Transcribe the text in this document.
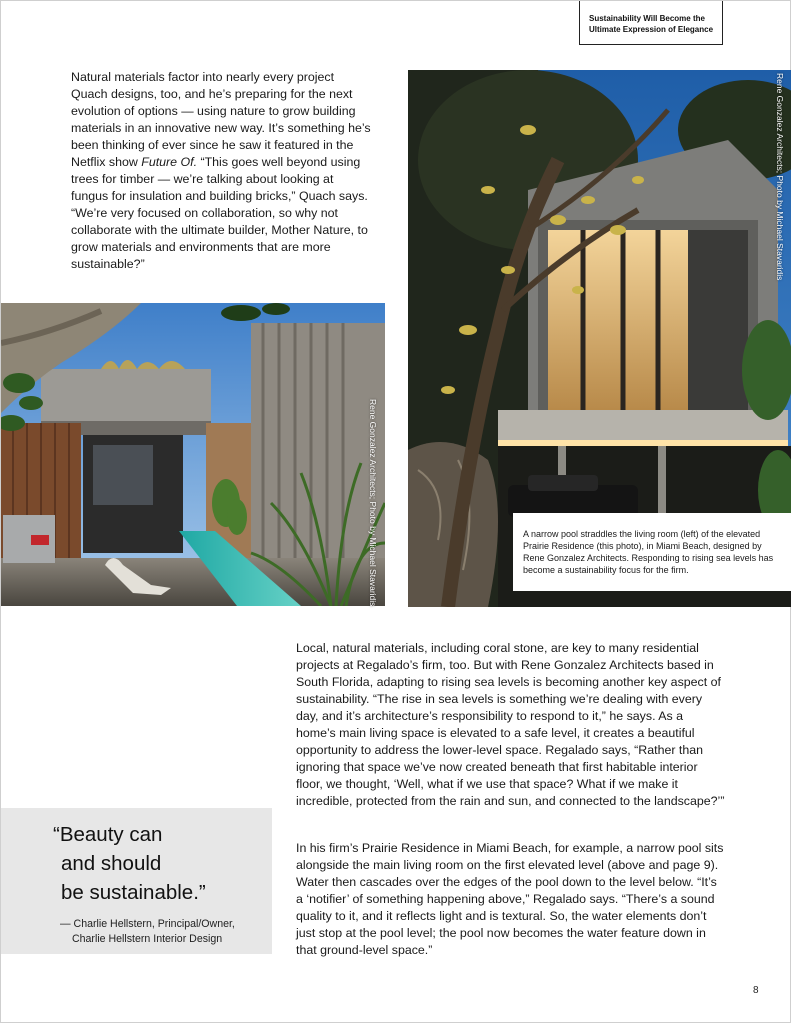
Sustainability Will Become the
Ultimate Expression of Elegance

Natural materials factor into nearly every project Quach designs, too, and he’s preparing for the next evolution of options — using nature to grow building materials in an innovative new way. It’s something he’s been thinking of ever since he saw it featured in the Netflix show Future Of. “This goes well beyond using trees for timber — we’re talking about looking at fungus for insulation and building bricks,” Quach says. “We’re very focused on collaboration, so why not collaborate with the ultimate builder, Mother Nature, to grow materials and environments that are more sustainable?”

Rene Gonzalez Architects; Photo by Michael Stavaridis
Rene Gonzalez Architects; Photo by Michael Stavaridis
A narrow pool straddles the living room (left) of the elevated Prairie Residence (this photo), in Miami Beach, designed by Rene Gonzalez Architects. Responding to rising sea levels has become a sustainability focus for the firm.

Local, natural materials, including coral stone, are key to many residential projects at Regalado’s firm, too. But with Rene Gonzalez Architects based in South Florida, adapting to rising sea levels is becoming another key aspect of sustainability. “The rise in sea levels is something we’re dealing with every day, and it’s architecture’s responsibility to respond to it,” he says. As a home’s main living space is elevated to a safe level, it creates a beautiful opportunity to address the lower-level space. Regalado says, “Rather than ignoring that space we’ve now created beneath that first habitable interior floor, we thought, ‘Well, what if we use that space? What if we make it incredible, protected from the rain and sun, and connected to the landscape?’”

In his firm’s Prairie Residence in Miami Beach, for example, a narrow pool sits alongside the main living room on the first elevated level (above and page 9). Water then cascades over the edges of the pool down to the level below. “It’s a ‘notifier’ of something happening above,” Regalado says. “There’s a sound quality to it, and it reflects light and is textural. So, the water elements don’t just stop at the pool level; the pool now becomes the water feature down in that ground-level space.”

“Beauty can
and should
be sustainable.”
— Charlie Hellstern, Principal/Owner,
Charlie Hellstern Interior Design
8
